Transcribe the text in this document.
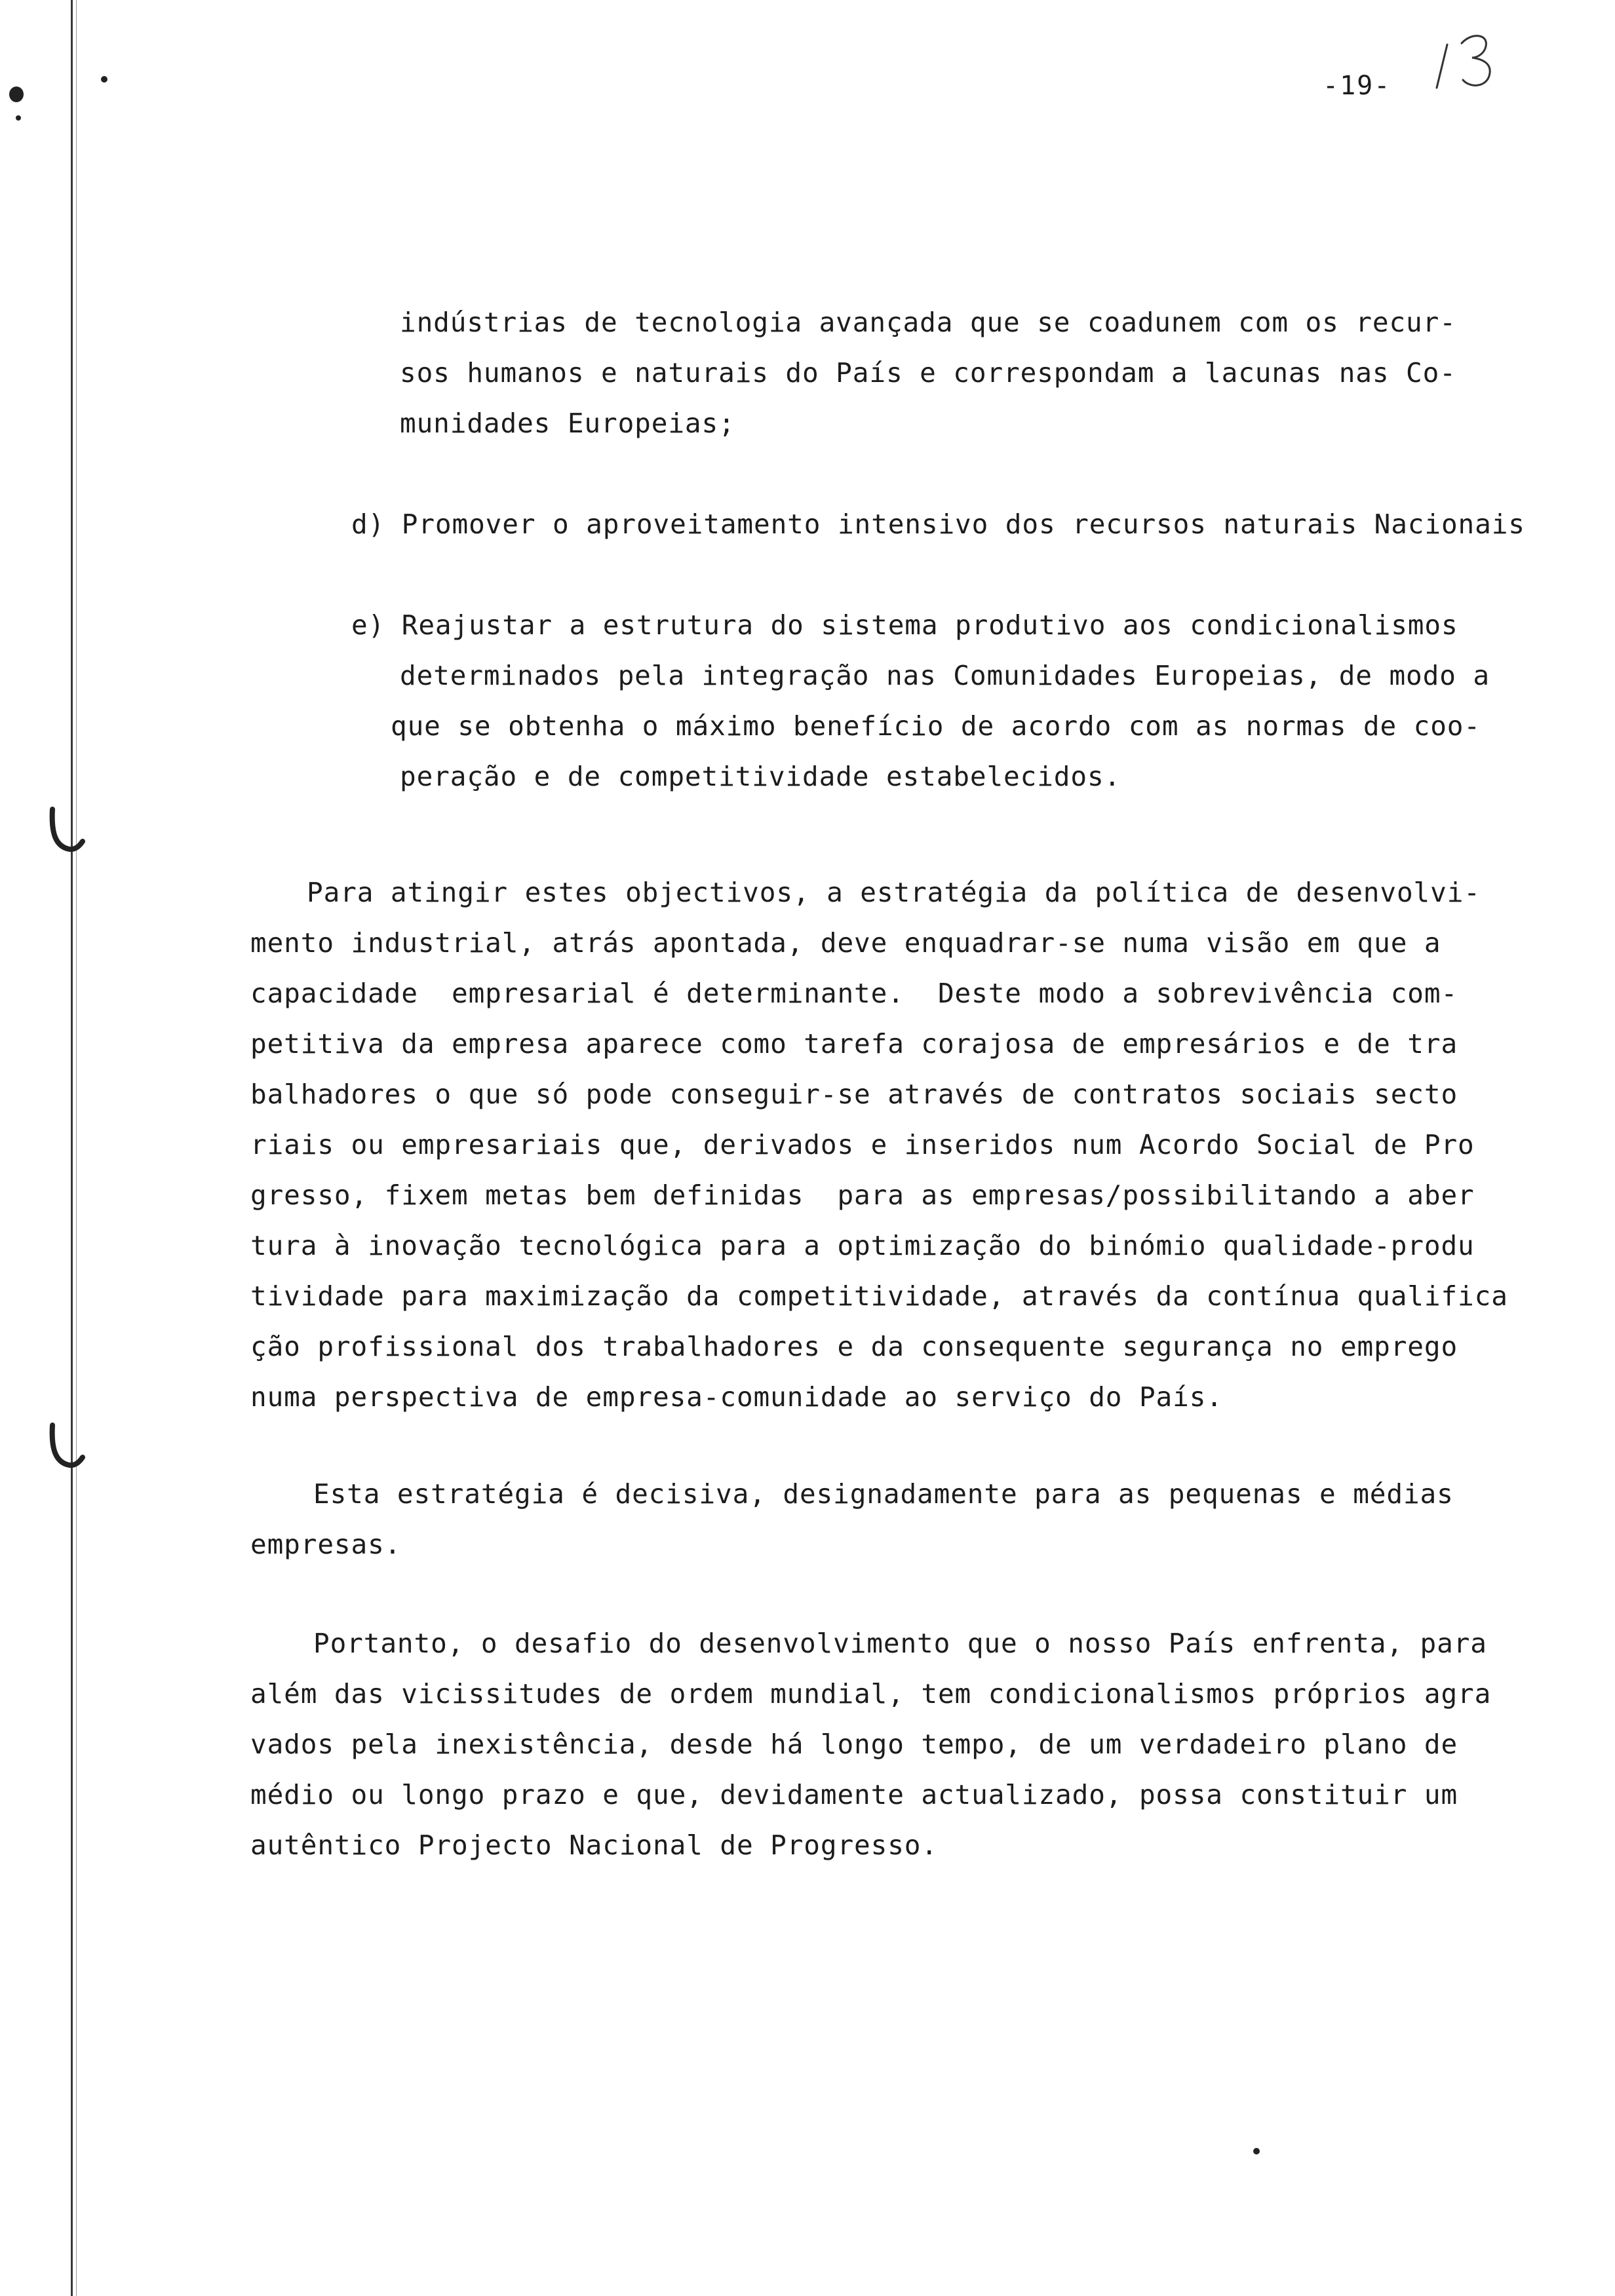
-19-
indústrias de tecnologia avançada que se coadunem com os recur-
sos humanos e naturais do País e correspondam a lacunas nas Co-
munidades Europeias;
d) Promover o aproveitamento intensivo dos recursos naturais Nacionais
e) Reajustar a estrutura do sistema produtivo aos condicionalismos
determinados pela integração nas Comunidades Europeias, de modo a
que se obtenha o máximo benefício de acordo com as normas de coo-
peração e de competitividade estabelecidos.
Para atingir estes objectivos, a estratégia da política de desenvolvi-
mento industrial, atrás apontada, deve enquadrar-se numa visão em que a
capacidade  empresarial é determinante.  Deste modo a sobrevivência com-
petitiva da empresa aparece como tarefa corajosa de empresários e de tra
balhadores o que só pode conseguir-se através de contratos sociais secto
riais ou empresariais que, derivados e inseridos num Acordo Social de Pro
gresso, fixem metas bem definidas  para as empresas/possibilitando a aber
tura à inovação tecnológica para a optimização do binómio qualidade-produ
tividade para maximização da competitividade, através da contínua qualifica
ção profissional dos trabalhadores e da consequente segurança no emprego
numa perspectiva de empresa-comunidade ao serviço do País.
Esta estratégia é decisiva, designadamente para as pequenas e médias
empresas.
Portanto, o desafio do desenvolvimento que o nosso País enfrenta, para
além das vicissitudes de ordem mundial, tem condicionalismos próprios agra
vados pela inexistência, desde há longo tempo, de um verdadeiro plano de
médio ou longo prazo e que, devidamente actualizado, possa constituir um
autêntico Projecto Nacional de Progresso.
